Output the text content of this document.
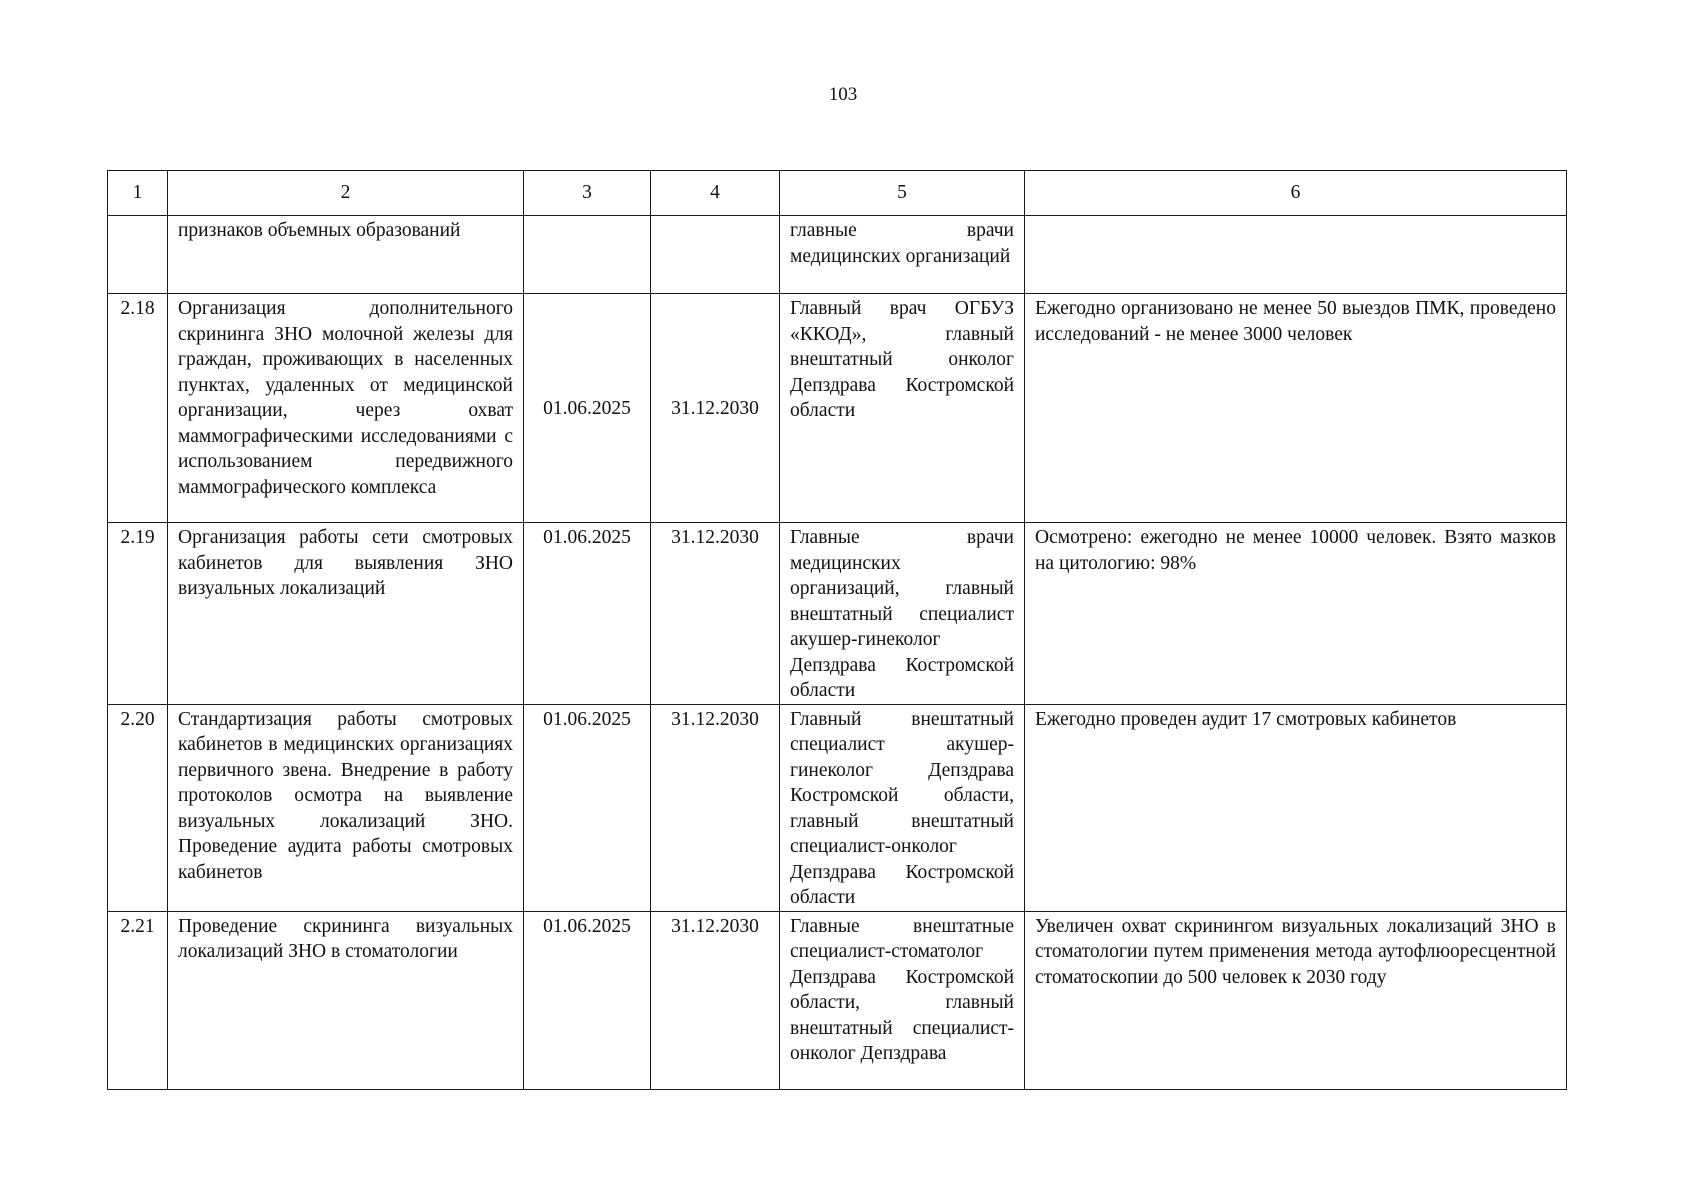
103
1	2	3	4	5	6
	признаков объемных образований			главные врачи медицинских организаций	
2.18	Организация дополнительного скрининга ЗНО молочной железы для граждан, проживающих в населенных пунктах, удаленных от медицинской организации, через охват маммографическими исследованиями с использованием передвижного маммографического комплекса	01.06.2025	31.12.2030	Главный врач ОГБУЗ «ККОД», главный внештатный онколог Депздрава Костромской области	Ежегодно организовано не менее 50 выездов ПМК, проведено исследований - не менее 3000 человек
2.19	Организация работы сети смотровых кабинетов для выявления ЗНО визуальных локализаций	01.06.2025	31.12.2030	Главные врачи медицинских организаций, главный внештатный специалист акушер-гинеколог Депздрава Костромской области	Осмотрено: ежегодно не менее 10000 человек. Взято мазков на цитологию: 98%
2.20	Стандартизация работы смотровых кабинетов в медицинских организациях первичного звена. Внедрение в работу протоколов осмотра на выявление визуальных локализаций ЗНО. Проведение аудита работы смотровых кабинетов	01.06.2025	31.12.2030	Главный внештатный специалист акушер-гинеколог Депздрава Костромской области, главный внештатный специалист-онколог Депздрава Костромской области	Ежегодно проведен аудит 17 смотровых кабинетов
2.21	Проведение скрининга визуальных локализаций ЗНО в стоматологии	01.06.2025	31.12.2030	Главные внештатные специалист-стоматолог Депздрава Костромской области, главный внештатный специалист-онколог Депздрава	Увеличен охват скринингом визуальных локализаций ЗНО в стоматологии путем применения метода аутофлюоресцентной стоматоскопии до 500 человек к 2030 году
